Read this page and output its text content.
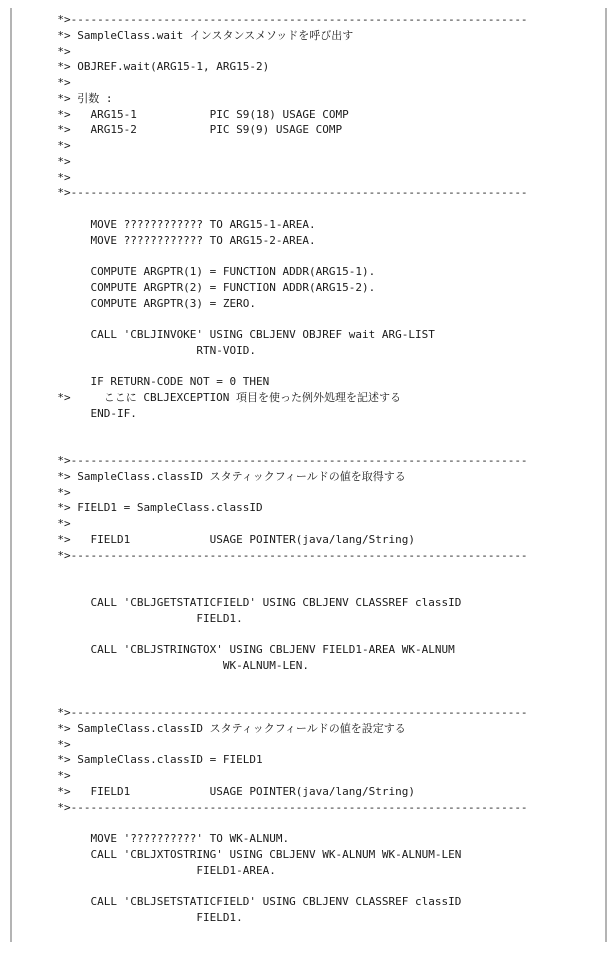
*>---------------------------------------------------------------------
*> SampleClass.wait インスタンスメソッドを呼び出す
*>
*> OBJREF.wait(ARG15-1, ARG15-2)
*>
*> 引数 :
*>   ARG15-1           PIC S9(18) USAGE COMP
*>   ARG15-2           PIC S9(9) USAGE COMP
*>
*>
*>
*>---------------------------------------------------------------------
MOVE ???????????? TO ARG15-1-AREA.
MOVE ???????????? TO ARG15-2-AREA.
COMPUTE ARGPTR(1) = FUNCTION ADDR(ARG15-1).
COMPUTE ARGPTR(2) = FUNCTION ADDR(ARG15-2).
COMPUTE ARGPTR(3) = ZERO.
CALL 'CBLJINVOKE' USING CBLJENV OBJREF wait ARG-LIST
RTN-VOID.
IF RETURN-CODE NOT = 0 THEN
*>     ここに CBLJEXCEPTION 項目を使った例外処理を記述する
END-IF.
*>---------------------------------------------------------------------
*> SampleClass.classID スタティックフィールドの値を取得する
*>
*> FIELD1 = SampleClass.classID
*>
*>   FIELD1            USAGE POINTER(java/lang/String)
*>---------------------------------------------------------------------
CALL 'CBLJGETSTATICFIELD' USING CBLJENV CLASSREF classID
FIELD1.
CALL 'CBLJSTRINGTOX' USING CBLJENV FIELD1-AREA WK-ALNUM
WK-ALNUM-LEN.
*>---------------------------------------------------------------------
*> SampleClass.classID スタティックフィールドの値を設定する
*>
*> SampleClass.classID = FIELD1
*>
*>   FIELD1            USAGE POINTER(java/lang/String)
*>---------------------------------------------------------------------
MOVE '??????????' TO WK-ALNUM.
CALL 'CBLJXTOSTRING' USING CBLJENV WK-ALNUM WK-ALNUM-LEN
FIELD1-AREA.
CALL 'CBLJSETSTATICFIELD' USING CBLJENV CLASSREF classID
FIELD1.
